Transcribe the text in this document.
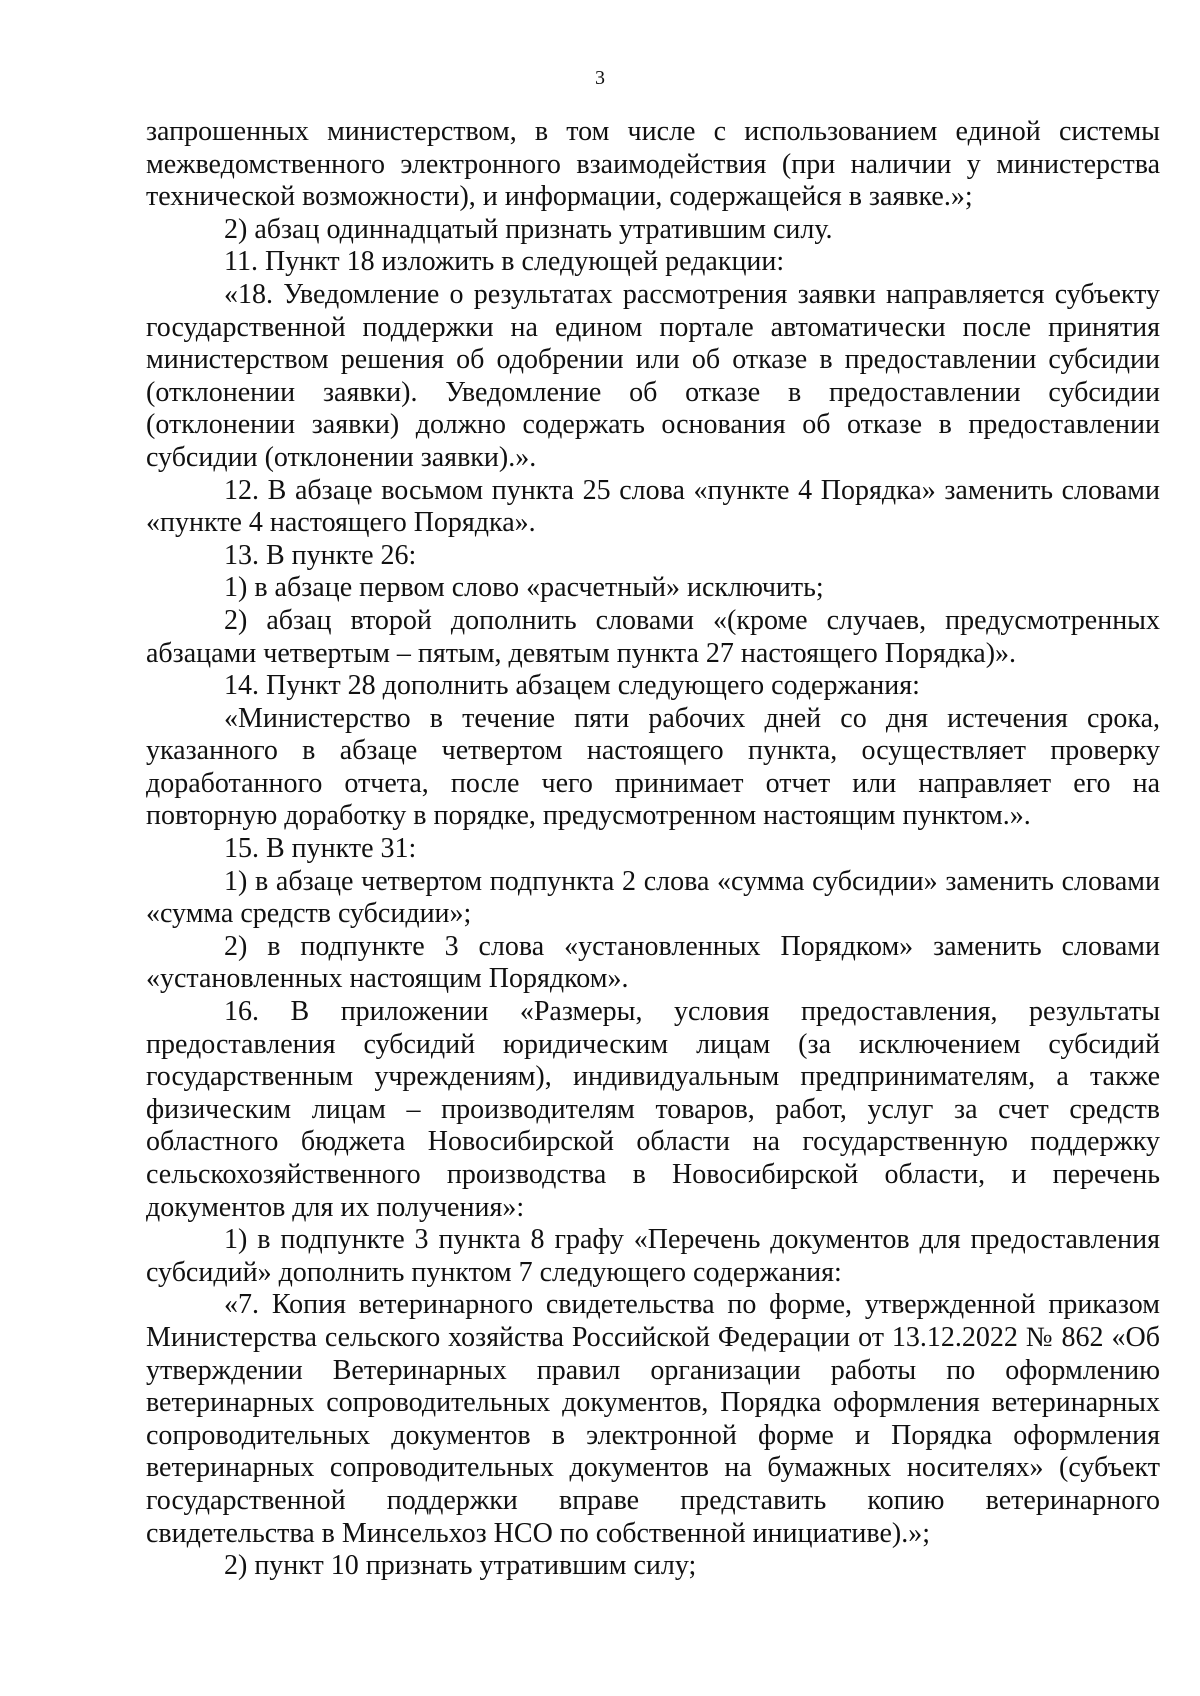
3

запрошенных министерством, в том числе с использованием единой системы межведомственного электронного взаимодействия (при наличии у министерства технической возможности), и информации, содержащейся в заявке.»;

2) абзац одиннадцатый признать утратившим силу.

11. Пункт 18 изложить в следующей редакции:

«18. Уведомление о результатах рассмотрения заявки направляется субъекту государственной поддержки на едином портале автоматически после принятия министерством решения об одобрении или об отказе в предоставлении субсидии (отклонении заявки). Уведомление об отказе в предоставлении субсидии (отклонении заявки) должно содержать основания об отказе в предоставлении субсидии (отклонении заявки).».

12. В абзаце восьмом пункта 25 слова «пункте 4 Порядка» заменить словами «пункте 4 настоящего Порядка».

13. В пункте 26:

1) в абзаце первом слово «расчетный» исключить;

2) абзац второй дополнить словами «(кроме случаев, предусмотренных абзацами четвертым – пятым, девятым пункта 27 настоящего Порядка)».

14. Пункт 28 дополнить абзацем следующего содержания:

«Министерство в течение пяти рабочих дней со дня истечения срока, указанного в абзаце четвертом настоящего пункта, осуществляет проверку доработанного отчета, после чего принимает отчет или направляет его на повторную доработку в порядке, предусмотренном настоящим пунктом.».

15. В пункте 31:

1) в абзаце четвертом подпункта 2 слова «сумма субсидии» заменить словами «сумма средств субсидии»;

2) в подпункте 3 слова «установленных Порядком» заменить словами «установленных настоящим Порядком».

16. В приложении «Размеры, условия предоставления, результаты предоставления субсидий юридическим лицам (за исключением субсидий государственным учреждениям), индивидуальным предпринимателям, а также физическим лицам – производителям товаров, работ, услуг за счет средств областного бюджета Новосибирской области на государственную поддержку сельскохозяйственного производства в Новосибирской области, и перечень документов для их получения»:

1) в подпункте 3 пункта 8 графу «Перечень документов для предоставления субсидий» дополнить пунктом 7 следующего содержания:

«7. Копия ветеринарного свидетельства по форме, утвержденной приказом Министерства сельского хозяйства Российской Федерации от 13.12.2022 № 862 «Об утверждении Ветеринарных правил организации работы по оформлению ветеринарных сопроводительных документов, Порядка оформления ветеринарных сопроводительных документов в электронной форме и Порядка оформления ветеринарных сопроводительных документов на бумажных носителях» (субъект государственной поддержки вправе представить копию ветеринарного свидетельства в Минсельхоз НСО по собственной инициативе).»;

2) пункт 10 признать утратившим силу;
